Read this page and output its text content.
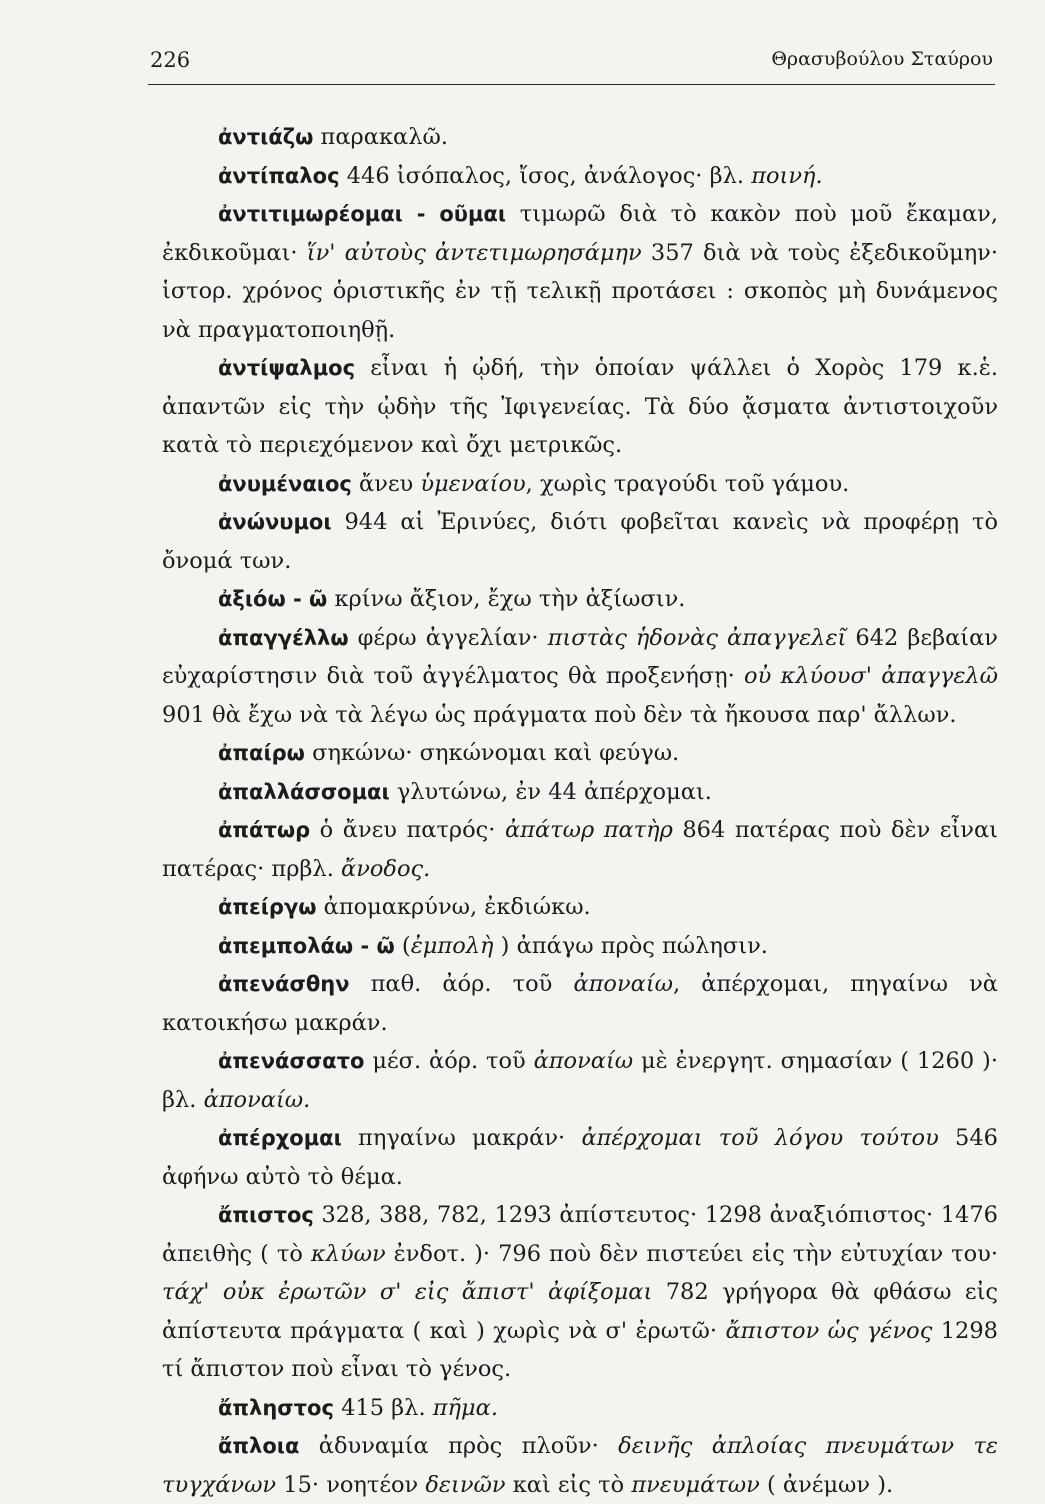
226	Θρασυβούλου Σταύρου

ἀντιάζω παρακαλῶ.

ἀντίπαλος 446 ἰσόπαλος, ἴσος, ἀνάλογος· βλ. ποινή.

ἀντιτιμωρέομαι - οῦμαι τιμωρῶ διὰ τὸ κακὸν ποὺ μοῦ ἔκαμαν, ἐκδικοῦμαι· ἵν' αὐτοὺς ἀντετιμωρησάμην 357 διὰ νὰ τοὺς ἐξεδικοῦμην· ἱστορ. χρόνος ὁριστικῆς ἐν τῇ τελικῇ προτάσει : σκοπὸς μὴ δυνάμενος νὰ πραγματοποιηθῇ.

ἀντίψαλμος εἶναι ἡ ᾠδή, τὴν ὁποίαν ψάλλει ὁ Χορὸς 179 κ.ἑ. ἀπαντῶν εἰς τὴν ᾠδὴν τῆς Ἰφιγενείας. Τὰ δύο ᾄσματα ἀντιστοιχοῦν κατὰ τὸ περιεχόμενον καὶ ὄχι μετρικῶς.

ἀνυμέναιος ἄνευ ὑμεναίου, χωρὶς τραγούδι τοῦ γάμου.

ἀνώνυμοι 944 αἱ Ἐρινύες, διότι φοβεῖται κανεὶς νὰ προφέρῃ τὸ ὄνομά των.

ἀξιόω - ῶ κρίνω ἄξιον, ἔχω τὴν ἀξίωσιν.

ἀπαγγέλλω φέρω ἀγγελίαν· πιστὰς ἡδονὰς ἀπαγγελεῖ 642 βεβαίαν εὐχαρίστησιν διὰ τοῦ ἀγγέλματος θὰ προξενήσῃ· οὐ κλύουσ' ἀπαγγελῶ 901 θὰ ἔχω νὰ τὰ λέγω ὡς πράγματα ποὺ δὲν τὰ ἤκουσα παρ' ἄλλων.

ἀπαίρω σηκώνω· σηκώνομαι καὶ φεύγω.

ἀπαλλάσσομαι γλυτώνω, ἐν 44 ἀπέρχομαι.

ἀπάτωρ ὁ ἄνευ πατρός· ἀπάτωρ πατὴρ 864 πατέρας ποὺ δὲν εἶναι πατέρας· πρβλ. ἄνοδος.

ἀπείργω ἀπομακρύνω, ἐκδιώκω.

ἀπεμπολάω - ῶ (ἐμπολὴ ) ἀπάγω πρὸς πώλησιν.

ἀπενάσθην παθ. ἀόρ. τοῦ ἀποναίω, ἀπέρχομαι, πηγαίνω νὰ κατοικήσω μακράν.

ἀπενάσσατο μέσ. ἀόρ. τοῦ ἀποναίω μὲ ἐνεργητ. σημασίαν ( 1260 )· βλ. ἀποναίω.

ἀπέρχομαι πηγαίνω μακράν· ἀπέρχομαι τοῦ λόγου τούτου 546 ἀφήνω αὐτὸ τὸ θέμα.

ἄπιστος 328, 388, 782, 1293 ἀπίστευτος· 1298 ἀναξιόπιστος· 1476 ἀπειθὴς ( τὸ κλύων ἐνδοτ. )· 796 ποὺ δὲν πιστεύει εἰς τὴν εὐτυχίαν του· τάχ' οὐκ ἐρωτῶν σ' εἰς ἄπιστ' ἀφίξομαι 782 γρήγορα θὰ φθάσω εἰς ἀπίστευτα πράγματα ( καὶ ) χωρὶς νὰ σ' ἐρωτῶ· ἄπιστον ὡς γένος 1298 τί ἄπιστον ποὺ εἶναι τὸ γένος.

ἄπληστος 415 βλ. πῆμα.

ἄπλοια ἀδυναμία πρὸς πλοῦν· δεινῆς ἀπλοίας πνευμάτων τε τυγχάνων 15· νοητέον δεινῶν καὶ εἰς τὸ πνευμάτων ( ἀνέμων ).
